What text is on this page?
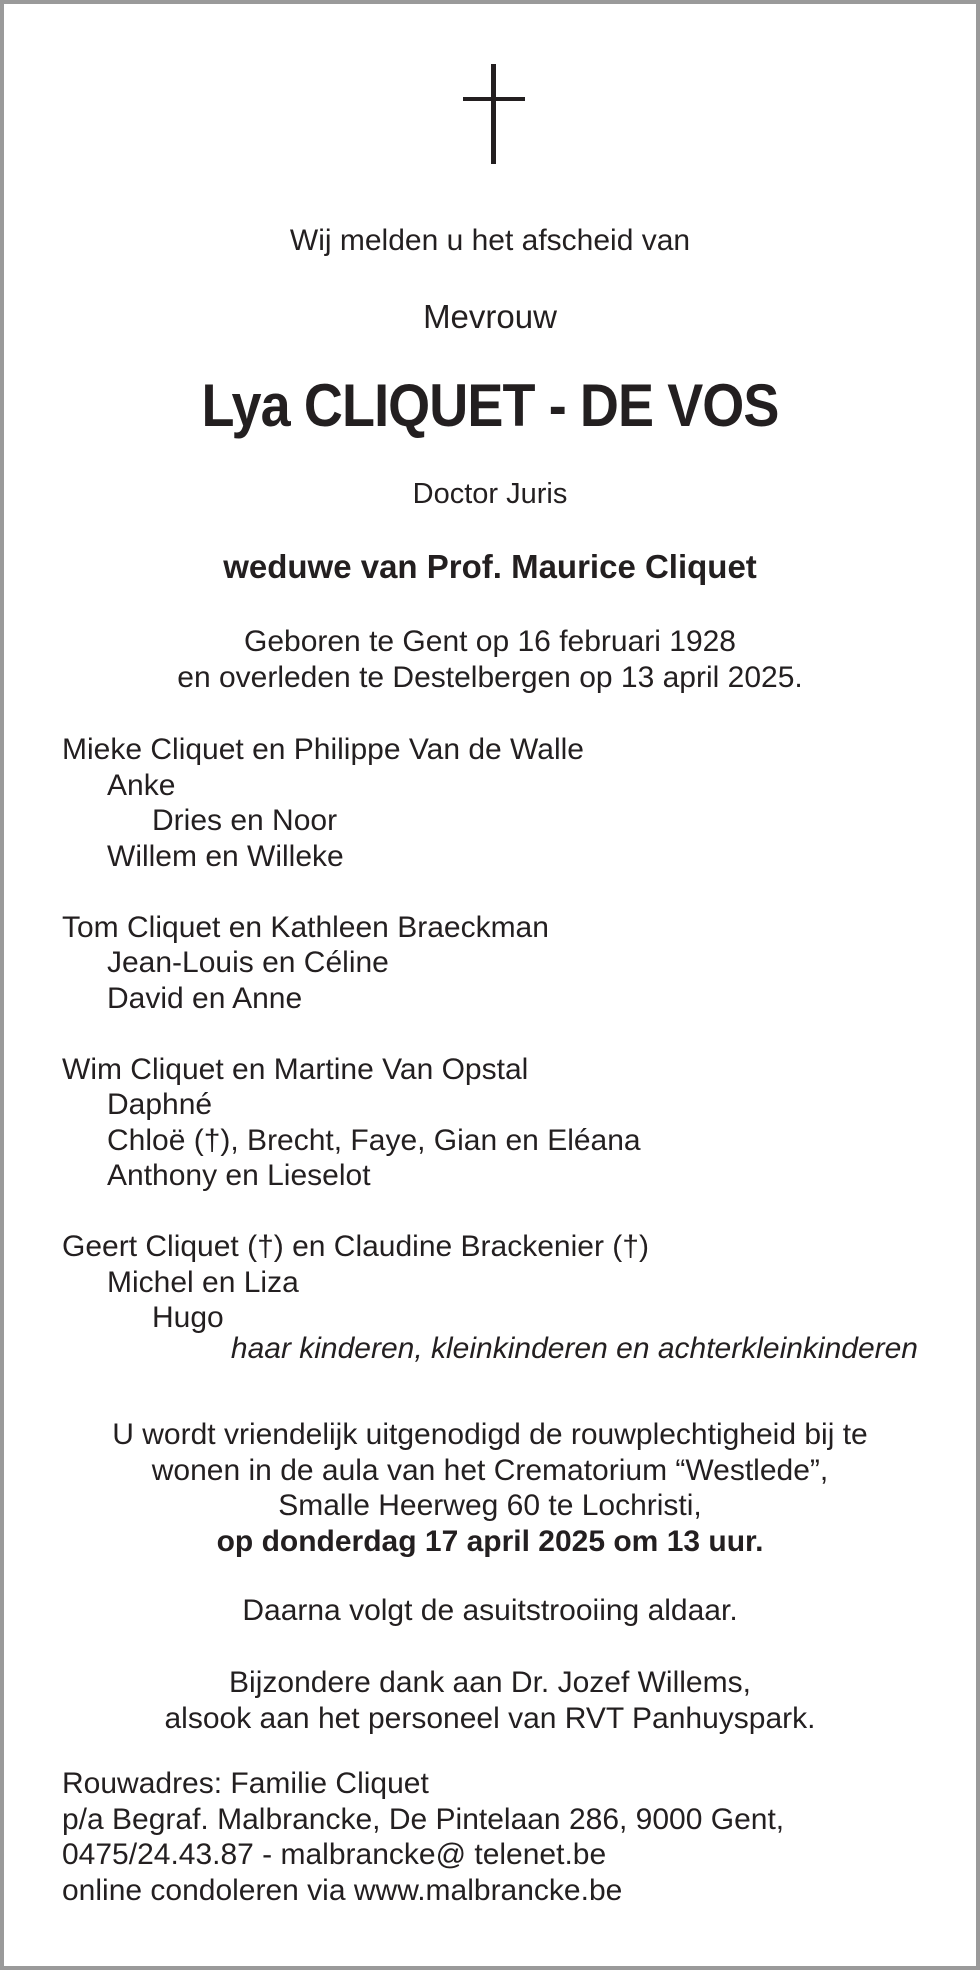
Wij melden u het afscheid van

Mevrouw

Lya CLIQUET - DE VOS

Doctor Juris

weduwe van Prof. Maurice Cliquet

Geboren te Gent op 16 februari 1928

en overleden te Destelbergen op 13 april 2025.

Mieke Cliquet en Philippe Van de Walle
Anke
Dries en Noor
Willem en Willeke
Tom Cliquet en Kathleen Braeckman
Jean-Louis en Céline
David en Anne
Wim Cliquet en Martine Van Opstal
Daphné
Chloë (†), Brecht, Faye, Gian en Eléana
Anthony en Lieselot
Geert Cliquet (†) en Claudine Brackenier (†)
Michel en Liza
Hugo
haar kinderen, kleinkinderen en achterkleinkinderen
U wordt vriendelijk uitgenodigd de rouwplechtigheid bij te
wonen in de aula van het Crematorium “Westlede”,
Smalle Heerweg 60 te Lochristi,
op donderdag 17 april 2025 om 13 uur.

Daarna volgt de asuitstrooiing aldaar.

Bijzondere dank aan Dr. Jozef Willems,
alsook aan het personeel van RVT Panhuyspark.
Rouwadres: Familie Cliquet
p/a Begraf. Malbrancke, De Pintelaan 286, 9000 Gent,
0475/24.43.87 - malbrancke@ telenet.be
online condoleren via www.malbrancke.be
